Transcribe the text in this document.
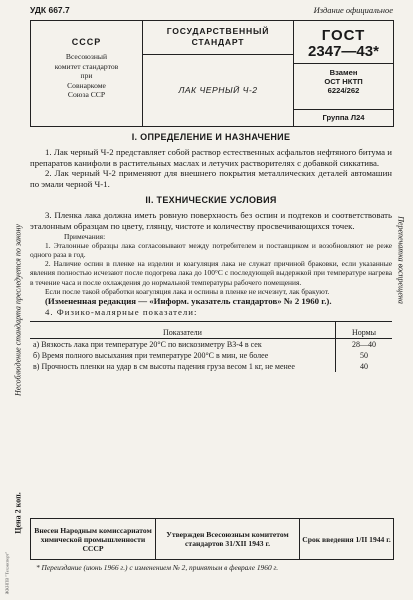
УДК 667.7	Издание официальное
СССР
Всесоюзный
комитет стандартов
при
Совнаркоме
Союза ССР
ГОСУДАРСТВЕННЫЙ
СТАНДАРТ
ЛАК ЧЕРНЫЙ Ч-2
ГОСТ
2347—43*
Взамен
ОСТ НКТП
6224/262
Группа Л24
Несоблюдение стандарта преследуется по закону	Перепечатка воспрещена
Цена 2 коп.
ЖКНПВ "Техэксперт"

I. ОПРЕДЕЛЕНИЕ И НАЗНАЧЕНИЕ

1. Лак черный Ч-2 представляет собой раствор естественных асфальтов нефтяного битума и препаратов канифоли в растительных маслах и летучих растворителях с добавкой сиккатива.

2. Лак черный Ч-2 применяют для внешнего покрытия металлических деталей автомашин по эмали черной Ч-1.

II. ТЕХНИЧЕСКИЕ УСЛОВИЯ

3. Пленка лака должна иметь ровную поверхность без оспин и подтеков и соответствовать эталонным образцам по цвету, глянцу, чистоте и количеству просвечивающихся точек.

Примечания:

1. Эталонные образцы лака согласовывают между потребителем и поставщиком и возобновляют не реже одного раза в год.

2. Наличие оспин в пленке на изделии и коагуляция лака не служат причиной браковки, если указанные явления полностью исчезают после подогрева лака до 100°С с последующей выдержкой при температуре нагрева в течение часа и после охлаждения до нормальной температуры рабочего помещения.

Если после такой обработки коагуляция лака и оспины в пленке не исчезнут, лак бракуют.

(Измененная редакция — «Информ. указатель стандартов» № 2 1960 г.).

4. Физико-малярные показатели:

Показатели	Нормы
а) Вязкость лака при температуре 20°С по вискозиметру ВЗ-4 в сек	28—40
б) Время полного высыхания при температуре 200°С в мин, не более	50
в) Прочность пленки на удар в см высоты падения груза весом 1 кг, не менее	40
Внесен Народным комиссариатом химической промышленности СССР
Утвержден Всесоюзным комитетом стандартов 31/XII 1943 г.	Срок введения 1/II 1944 г.
* Переиздание (июнь 1966 г.) с изменением № 2, принятым в феврале 1960 г.
